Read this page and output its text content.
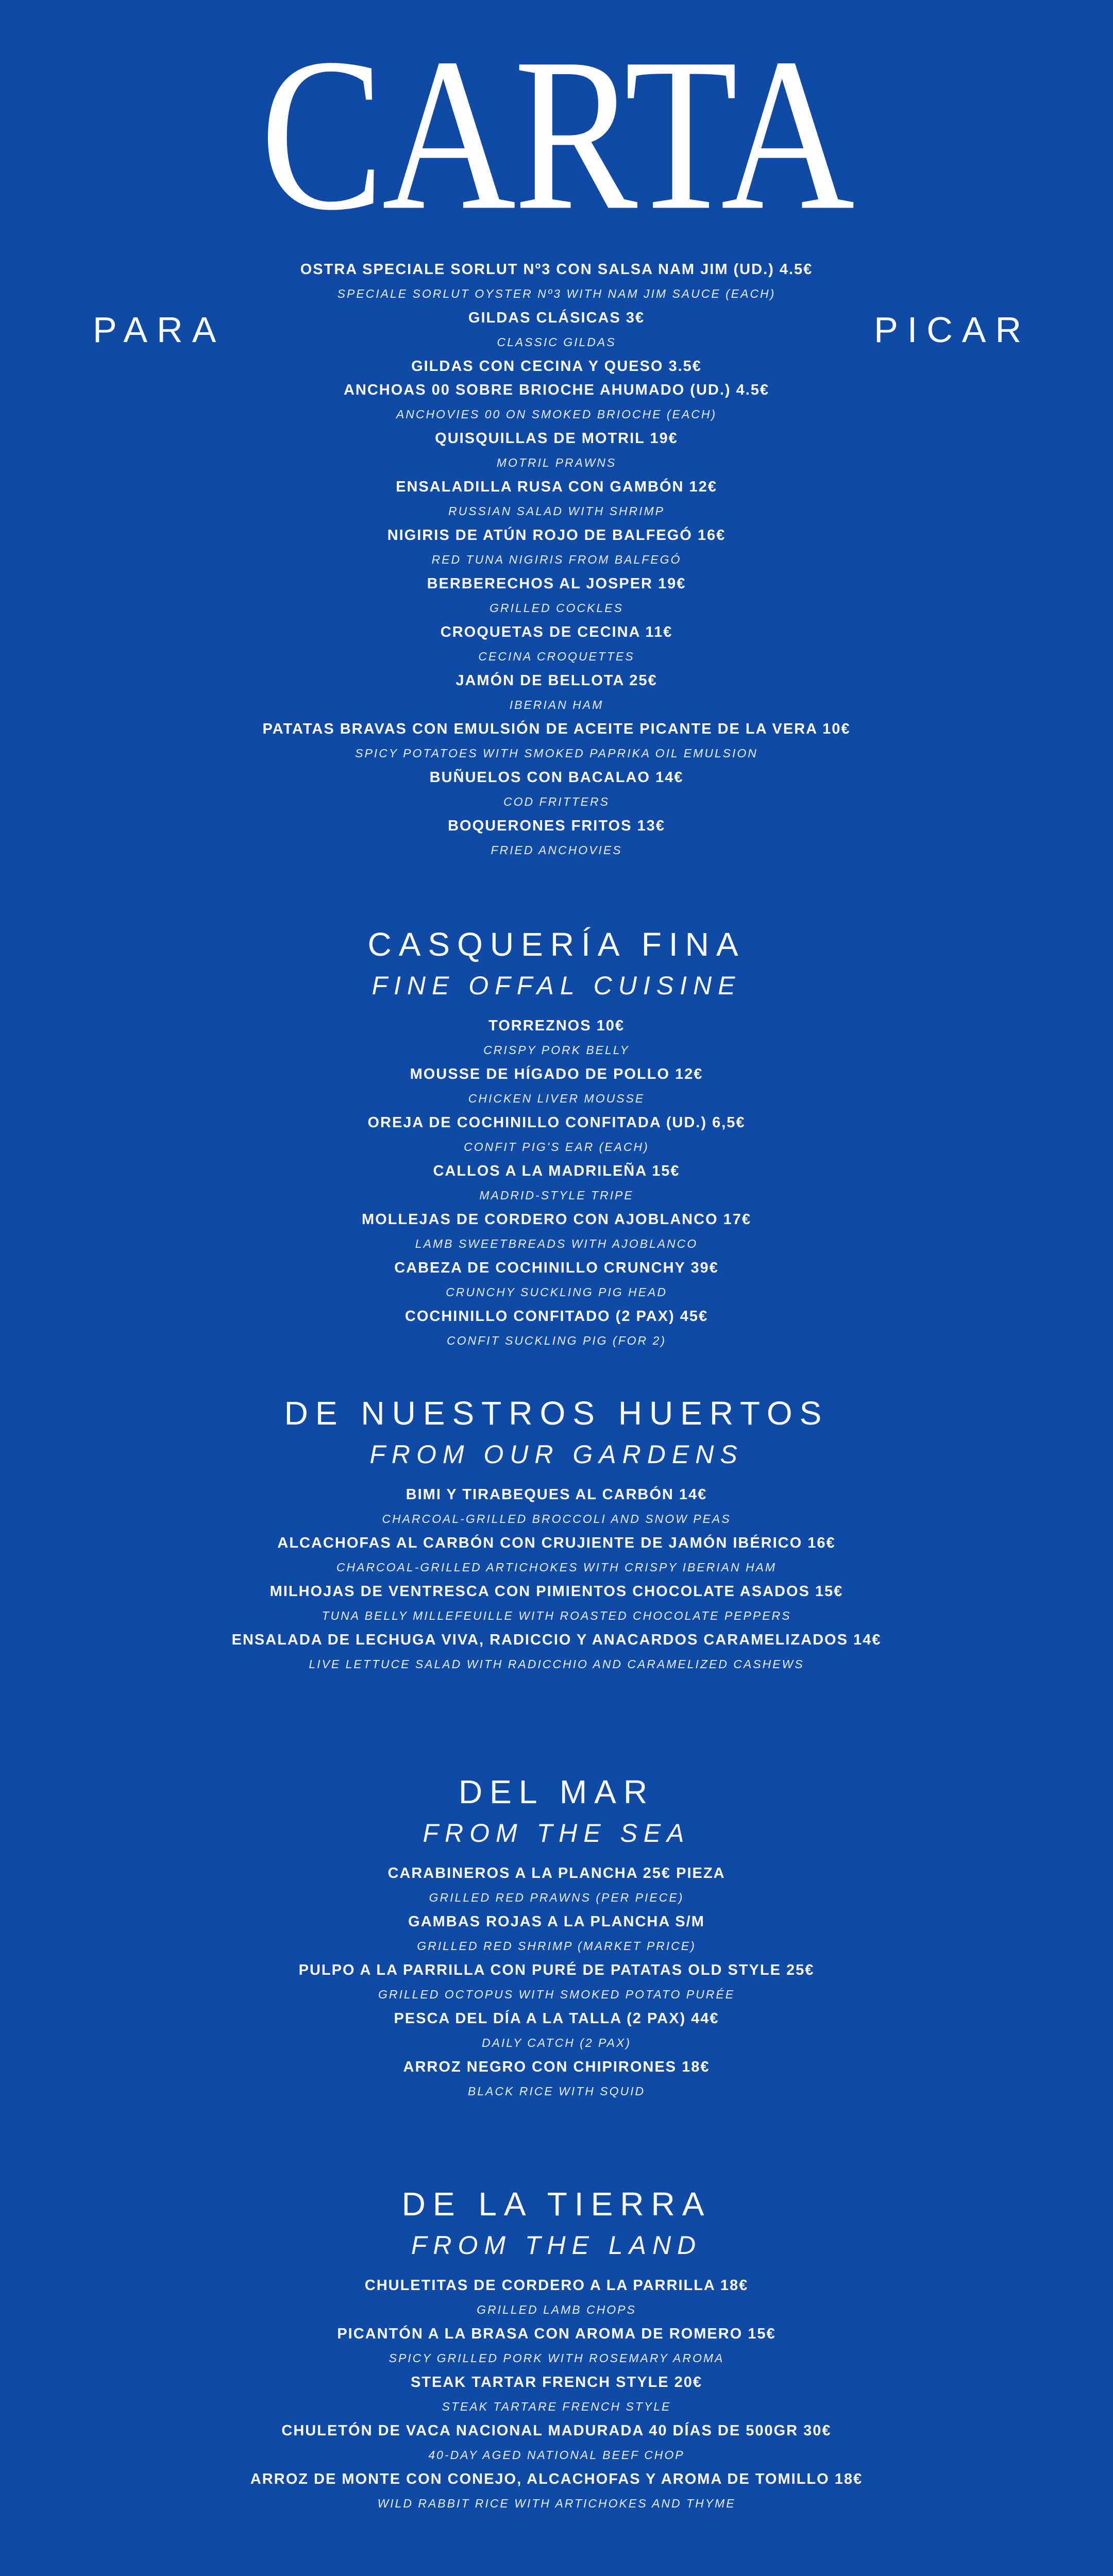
CARTA
PARA	PICAR
OSTRA SPECIALE SORLUT Nº3 CON SALSA NAM JIM (UD.) 4.5€
SPECIALE SORLUT OYSTER Nº3 WITH NAM JIM SAUCE (EACH)
GILDAS CLÁSICAS 3€
CLASSIC GILDAS
GILDAS CON CECINA Y QUESO 3.5€
ANCHOAS 00 SOBRE BRIOCHE AHUMADO (UD.) 4.5€
ANCHOVIES 00 ON SMOKED BRIOCHE (EACH)
QUISQUILLAS DE MOTRIL 19€
MOTRIL PRAWNS
ENSALADILLA RUSA CON GAMBÓN 12€
RUSSIAN SALAD WITH SHRIMP
NIGIRIS DE ATÚN ROJO DE BALFEGÓ 16€
RED TUNA NIGIRIS FROM BALFEGÓ
BERBERECHOS AL JOSPER 19€
GRILLED COCKLES
CROQUETAS DE CECINA 11€
CECINA CROQUETTES
JAMÓN DE BELLOTA 25€
IBERIAN HAM
PATATAS BRAVAS CON EMULSIÓN DE ACEITE PICANTE DE LA VERA 10€
SPICY POTATOES WITH SMOKED PAPRIKA OIL EMULSION
BUÑUELOS CON BACALAO 14€
COD FRITTERS
BOQUERONES FRITOS 13€
FRIED ANCHOVIES
CASQUERÍA FINA
FINE OFFAL CUISINE
TORREZNOS 10€
CRISPY PORK BELLY
MOUSSE DE HÍGADO DE POLLO 12€
CHICKEN LIVER MOUSSE
OREJA DE COCHINILLO CONFITADA (UD.) 6,5€
CONFIT PIG'S EAR (EACH)
CALLOS A LA MADRILEÑA 15€
MADRID-STYLE TRIPE
MOLLEJAS DE CORDERO CON AJOBLANCO 17€
LAMB SWEETBREADS WITH AJOBLANCO
CABEZA DE COCHINILLO CRUNCHY 39€
CRUNCHY SUCKLING PIG HEAD
COCHINILLO CONFITADO (2 PAX) 45€
CONFIT SUCKLING PIG (FOR 2)
DE NUESTROS HUERTOS
FROM OUR GARDENS
BIMI Y TIRABEQUES AL CARBÓN 14€
CHARCOAL-GRILLED BROCCOLI AND SNOW PEAS
ALCACHOFAS AL CARBÓN CON CRUJIENTE DE JAMÓN IBÉRICO 16€
CHARCOAL-GRILLED ARTICHOKES WITH CRISPY IBERIAN HAM
MILHOJAS DE VENTRESCA CON PIMIENTOS CHOCOLATE ASADOS 15€
TUNA BELLY MILLEFEUILLE WITH ROASTED CHOCOLATE PEPPERS
ENSALADA DE LECHUGA VIVA, RADICCIO Y ANACARDOS CARAMELIZADOS 14€
LIVE LETTUCE SALAD WITH RADICCHIO AND CARAMELIZED CASHEWS
DEL MAR
FROM THE SEA
CARABINEROS A LA PLANCHA 25€ PIEZA
GRILLED RED PRAWNS (PER PIECE)
GAMBAS ROJAS A LA PLANCHA S/M
GRILLED RED SHRIMP (MARKET PRICE)
PULPO A LA PARRILLA CON PURÉ DE PATATAS OLD STYLE 25€
GRILLED OCTOPUS WITH SMOKED POTATO PURÉE
PESCA DEL DÍA A LA TALLA (2 PAX) 44€
DAILY CATCH (2 PAX)
ARROZ NEGRO CON CHIPIRONES 18€
BLACK RICE WITH SQUID
DE LA TIERRA
FROM THE LAND
CHULETITAS DE CORDERO A LA PARRILLA 18€
GRILLED LAMB CHOPS
PICANTÓN A LA BRASA CON AROMA DE ROMERO 15€
SPICY GRILLED PORK WITH ROSEMARY AROMA
STEAK TARTAR FRENCH STYLE 20€
STEAK TARTARE FRENCH STYLE
CHULETÓN DE VACA NACIONAL MADURADA 40 DÍAS DE 500GR 30€
40-DAY AGED NATIONAL BEEF CHOP
ARROZ DE MONTE CON CONEJO, ALCACHOFAS Y AROMA DE TOMILLO 18€
WILD RABBIT RICE WITH ARTICHOKES AND THYME
